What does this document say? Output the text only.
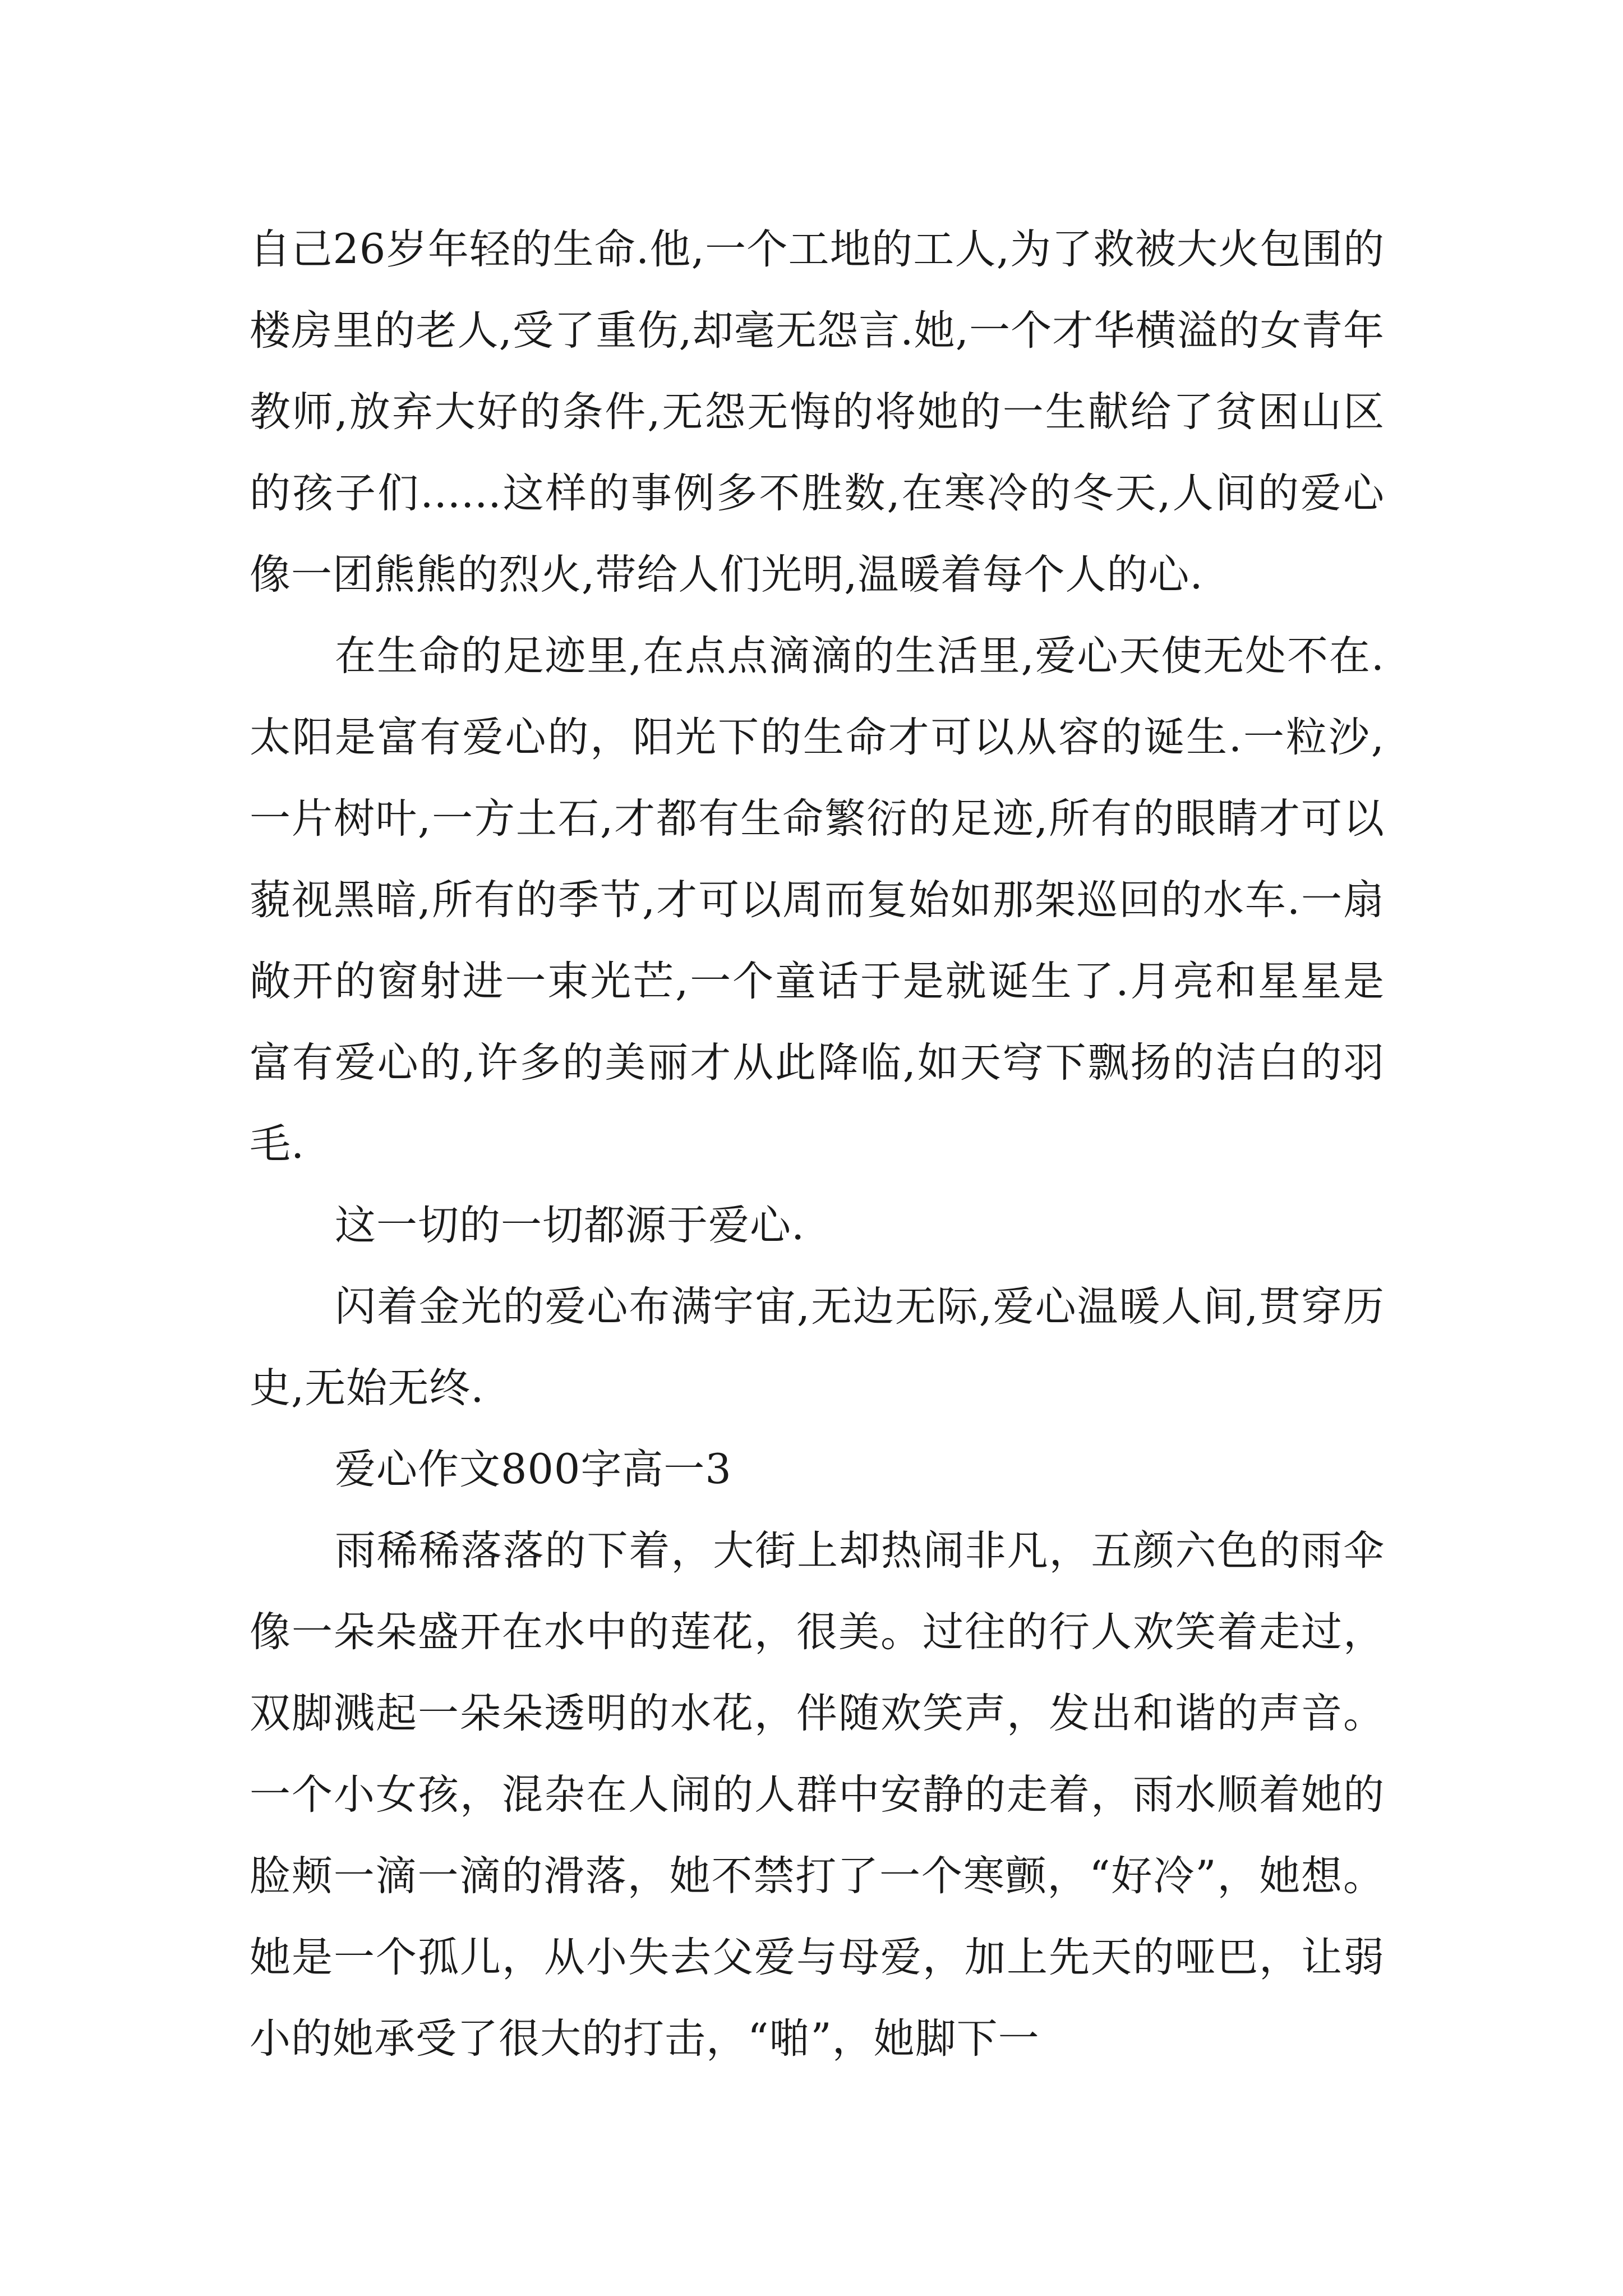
自己26岁年轻的生命.他,一个工地的工人,为了救被大火包围的楼房里的老人,受了重伤,却毫无怨言.她,一个才华横溢的女青年教师,放弃大好的条件,无怨无悔的将她的一生献给了贫困山区的孩子们......这样的事例多不胜数,在寒冷的冬天,人间的爱心像一团熊熊的烈火,带给人们光明,温暖着每个人的心.

在生命的足迹里,在点点滴滴的生活里,爱心天使无处不在.太阳是富有爱心的，阳光下的生命才可以从容的诞生.一粒沙,一片树叶,一方土石,才都有生命繁衍的足迹,所有的眼睛才可以藐视黑暗,所有的季节,才可以周而复始如那架巡回的水车.一扇敞开的窗射进一束光芒,一个童话于是就诞生了.月亮和星星是富有爱心的,许多的美丽才从此降临,如天穹下飘扬的洁白的羽毛.

这一切的一切都源于爱心.

闪着金光的爱心布满宇宙,无边无际,爱心温暖人间,贯穿历史,无始无终.

爱心作文800字高一3

雨稀稀落落的下着，大街上却热闹非凡，五颜六色的雨伞像一朵朵盛开在水中的莲花，很美。过往的行人欢笑着走过，双脚溅起一朵朵透明的水花，伴随欢笑声，发出和谐的声音。一个小女孩，混杂在人闹的人群中安静的走着，雨水顺着她的脸颊一滴一滴的滑落，她不禁打了一个寒颤，“好冷”，她想。她是一个孤儿，从小失去父爱与母爱，加上先天的哑巴，让弱小的她承受了很大的打击，“啪”，她脚下一
